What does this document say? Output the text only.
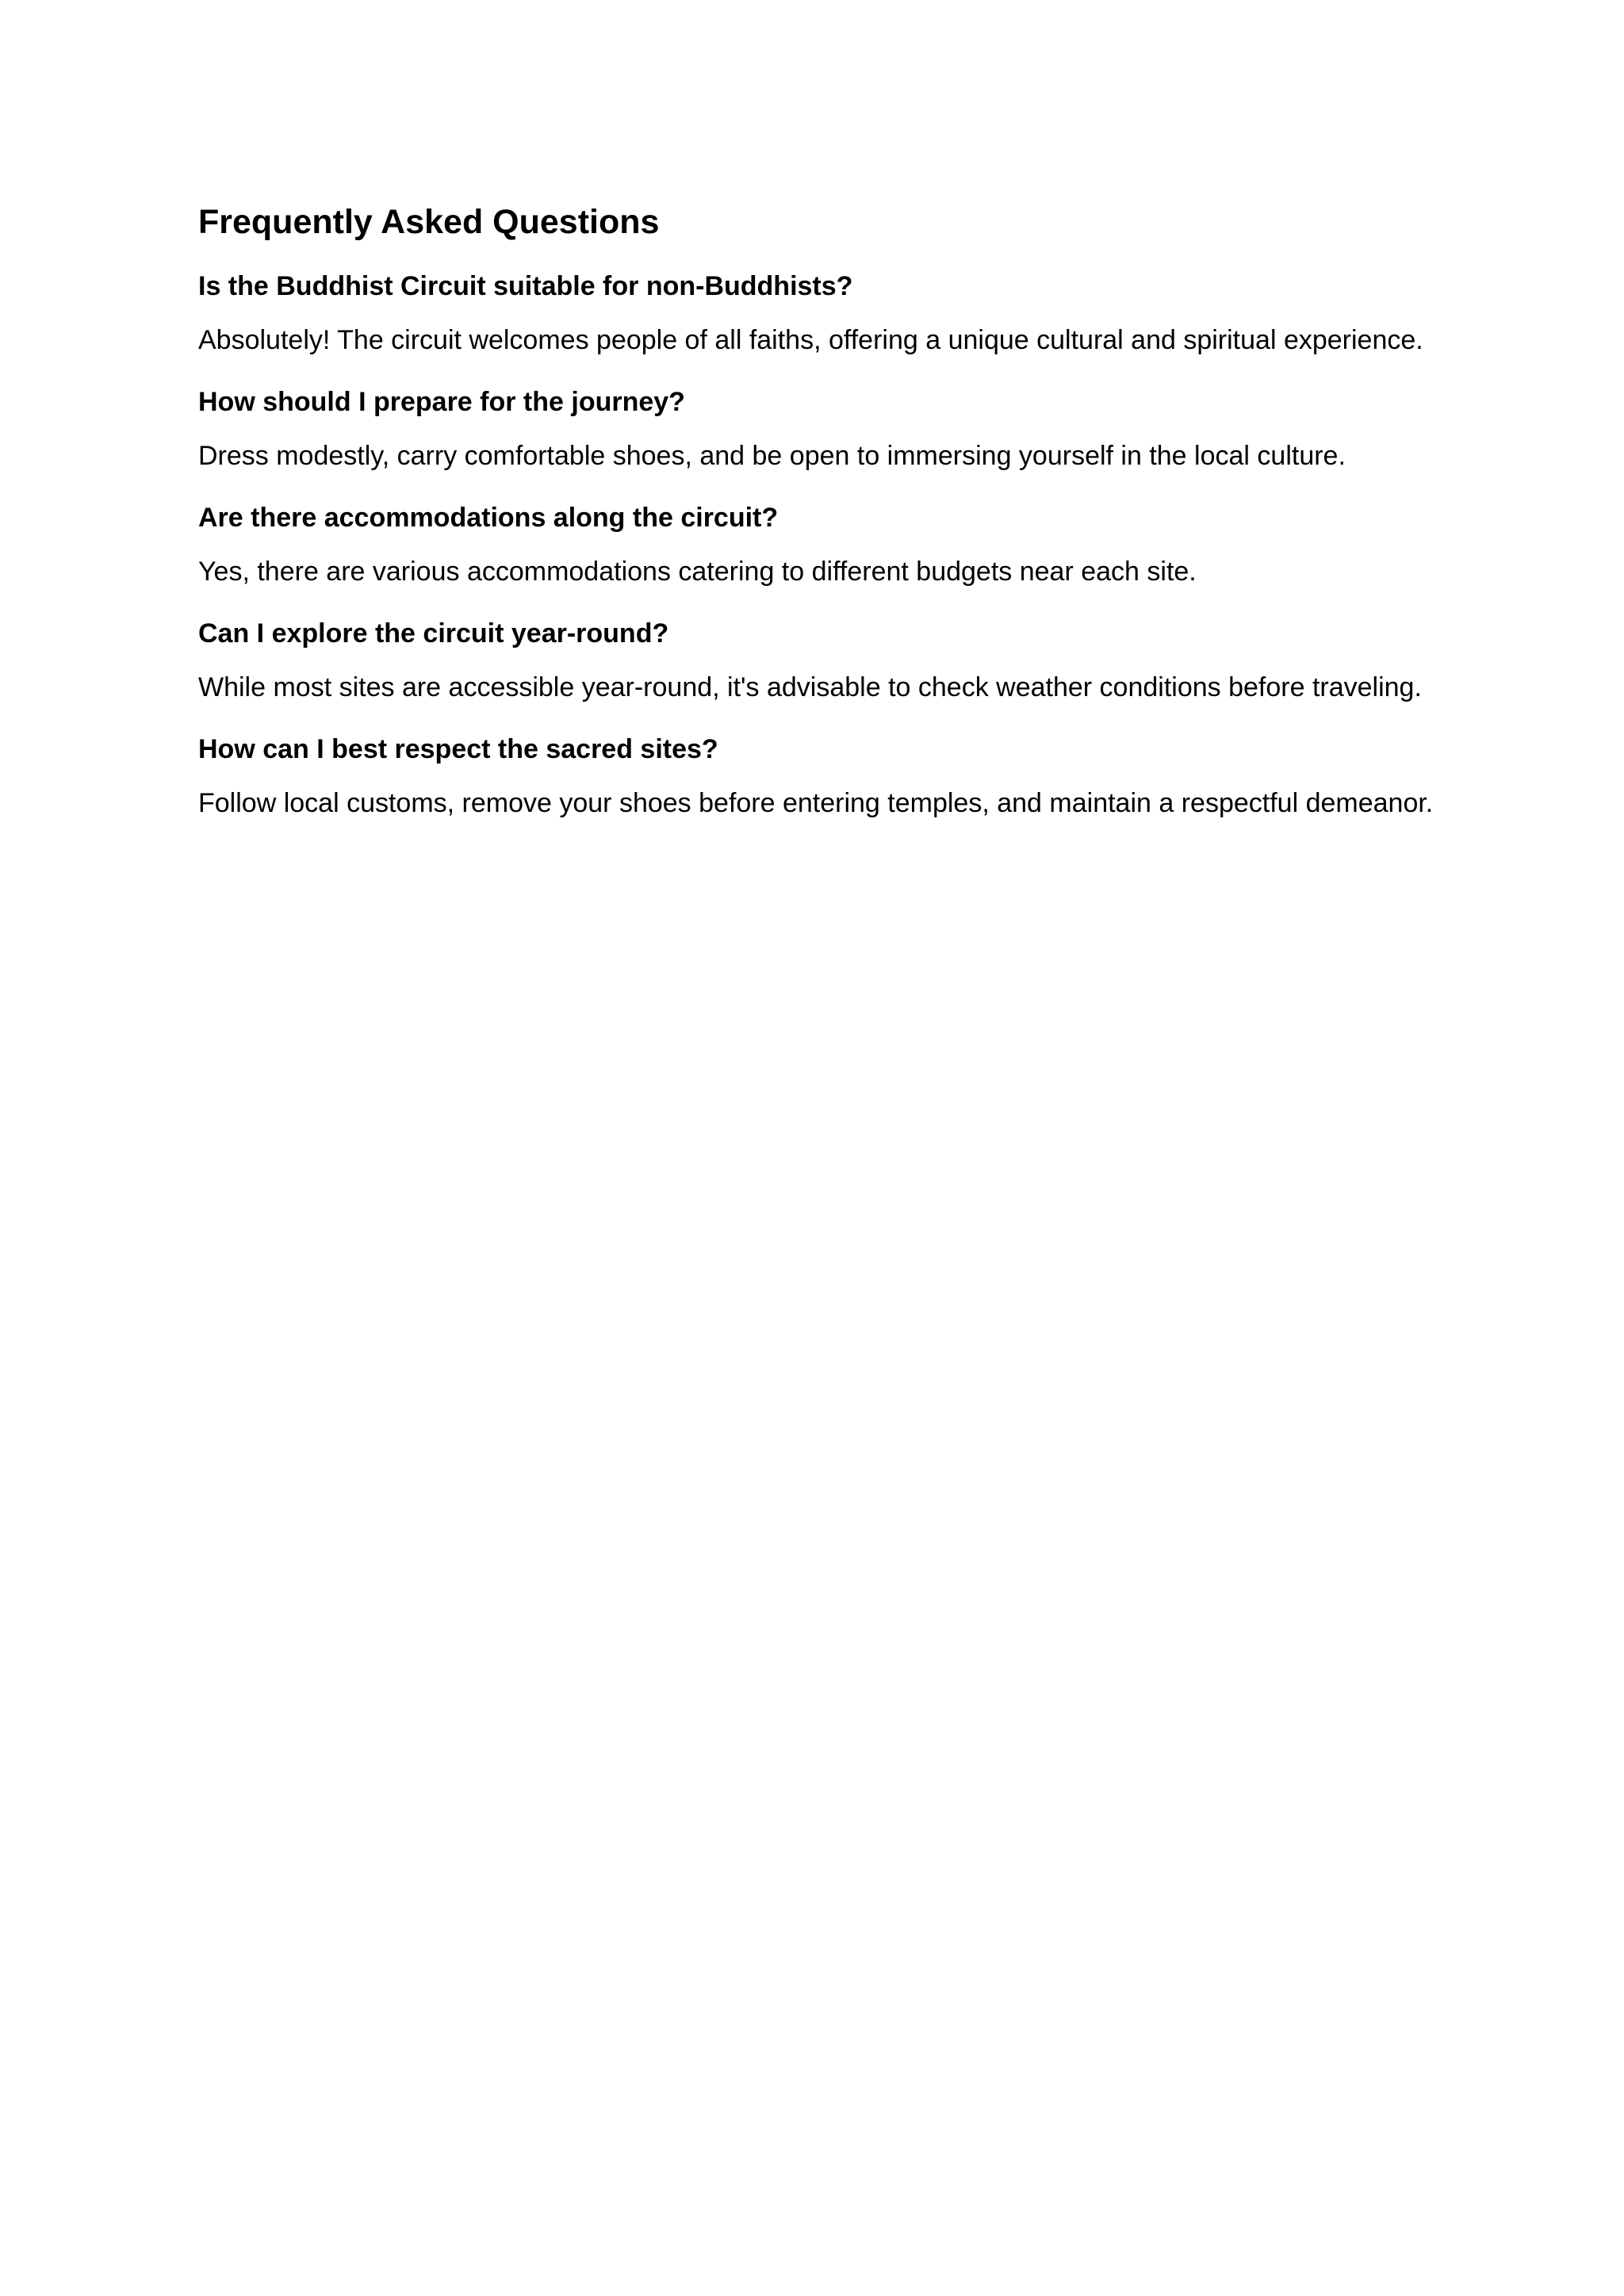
Frequently Asked Questions

Is the Buddhist Circuit suitable for non-Buddhists?

Absolutely! The circuit welcomes people of all faiths, offering a unique cultural and spiritual experience.

How should I prepare for the journey?

Dress modestly, carry comfortable shoes, and be open to immersing yourself in the local culture.

Are there accommodations along the circuit?

Yes, there are various accommodations catering to different budgets near each site.

Can I explore the circuit year-round?

While most sites are accessible year-round, it's advisable to check weather conditions before traveling.

How can I best respect the sacred sites?

Follow local customs, remove your shoes before entering temples, and maintain a respectful demeanor.
